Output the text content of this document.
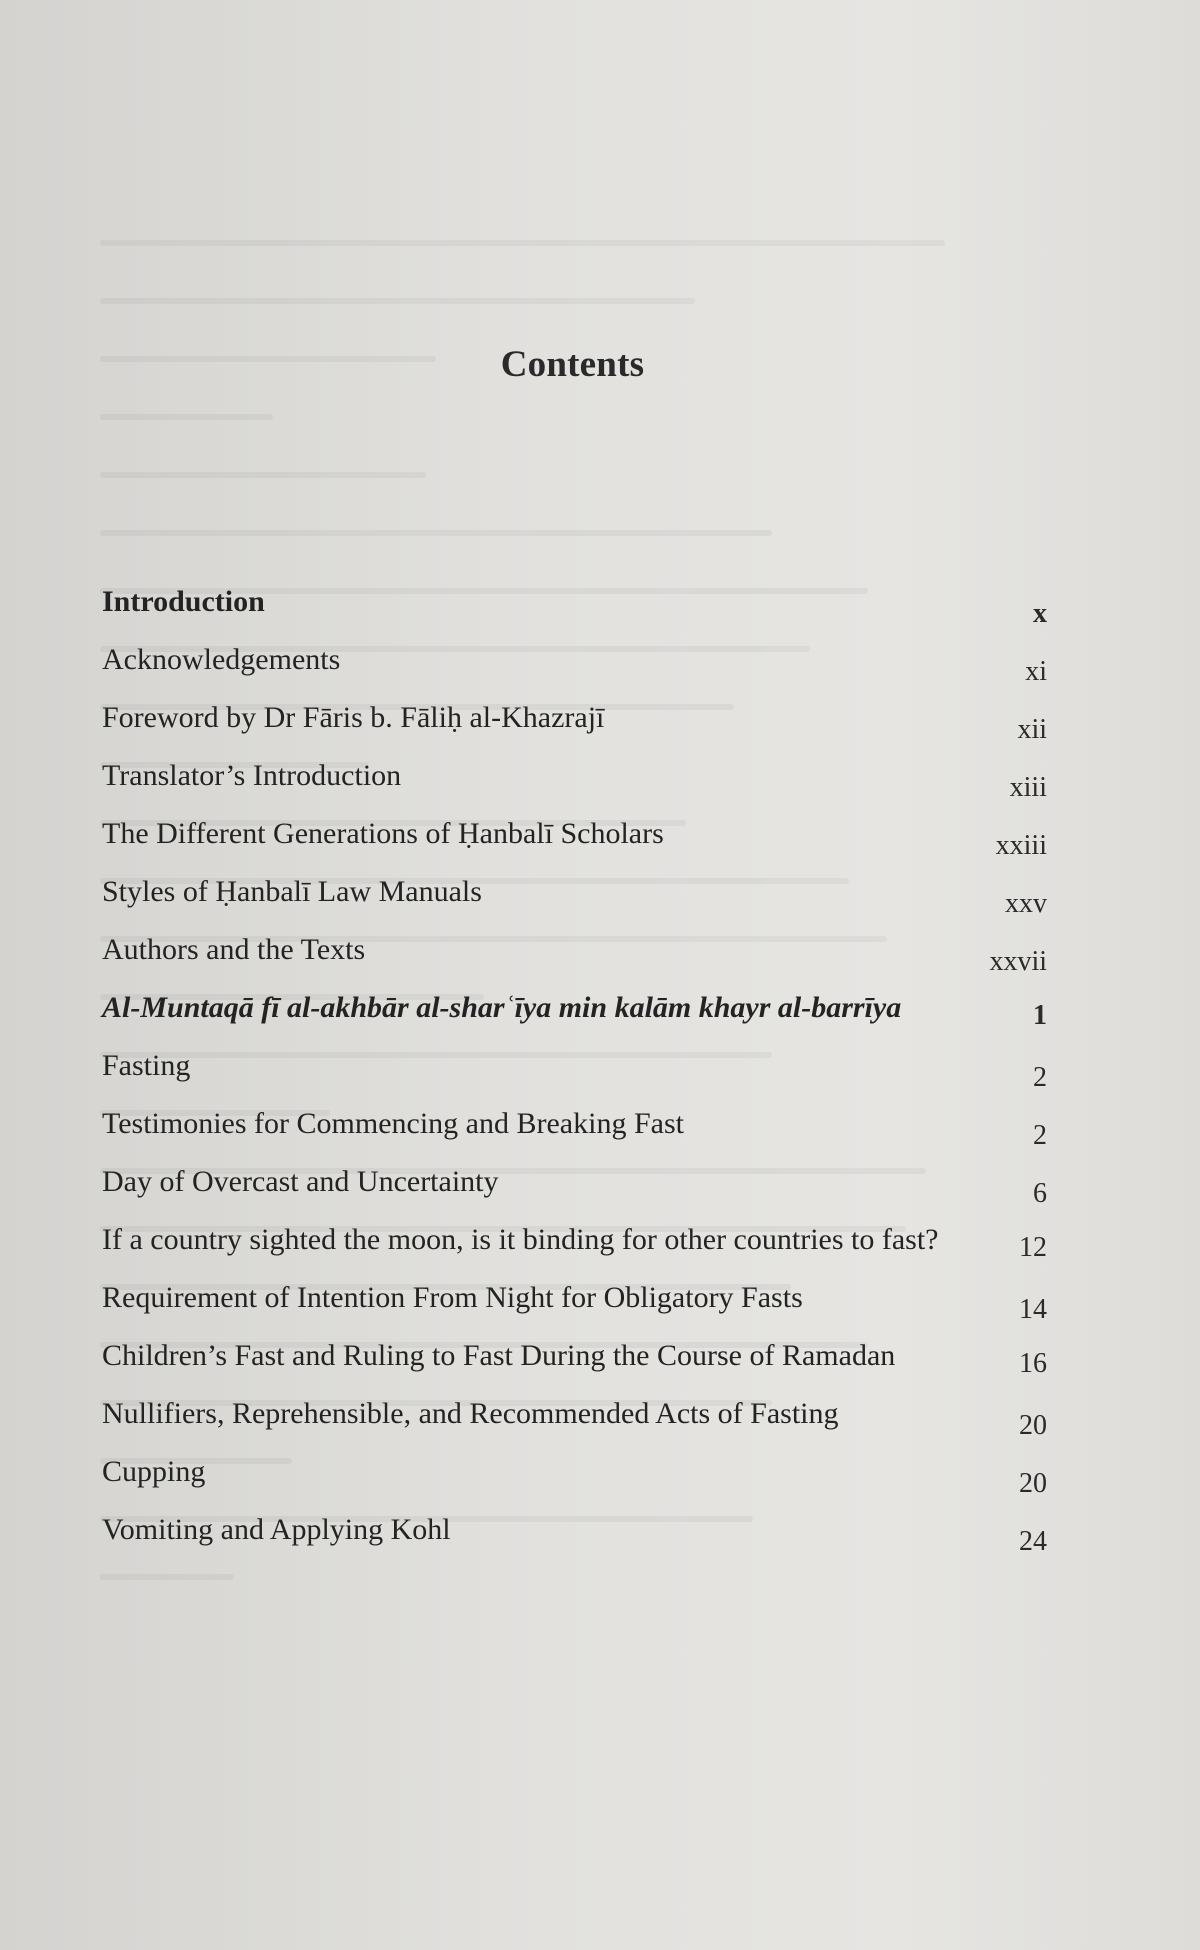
Contents
Introduction	x
Acknowledgements	xi
Foreword by Dr Fāris b. Fāliḥ al-Khazrajī	xii
Translator’s Introduction	xiii
The Different Generations of Ḥanbalī Scholars	xxiii
Styles of Ḥanbalī Law Manuals	xxv
Authors and the Texts	xxvii
Al-Muntaqā fī al-akhbār al-sharʿīya min kalām khayr al-barrīya	1
Fasting	2
Testimonies for Commencing and Breaking Fast	2
Day of Overcast and Uncertainty	6
If a country sighted the moon, is it binding for other countries to fast?	12
Requirement of Intention From Night for Obligatory Fasts	14
Children’s Fast and Ruling to Fast During the Course of Ramadan	16
Nullifiers, Reprehensible, and Recommended Acts of Fasting	20
Cupping	20
Vomiting and Applying Kohl	24
